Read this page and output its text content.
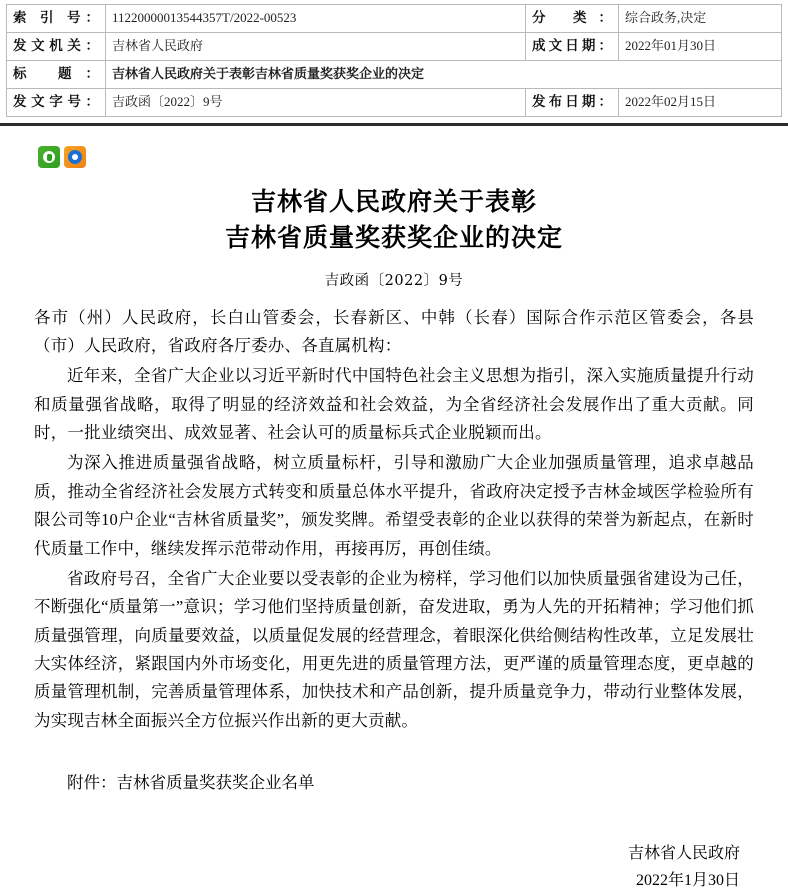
索 引 号：	11220000013544357T/2022-00523	分 类：	综合政务,决定
发文机关：	吉林省人民政府	成文日期：	2022年01月30日
标 题：	吉林省人民政府关于表彰吉林省质量奖获奖企业的决定		
发文字号：	吉政函〔2022〕9号	发布日期：	2022年02月15日
吉林省人民政府关于表彰
吉林省质量奖获奖企业的决定
吉政函〔2022〕9号

各市（州）人民政府，长白山管委会，长春新区、中韩（长春）国际合作示范区管委会，各县（市）人民政府，省政府各厅委办、各直属机构：

近年来，全省广大企业以习近平新时代中国特色社会主义思想为指引，深入实施质量提升行动和质量强省战略，取得了明显的经济效益和社会效益，为全省经济社会发展作出了重大贡献。同时，一批业绩突出、成效显著、社会认可的质量标兵式企业脱颖而出。

为深入推进质量强省战略，树立质量标杆，引导和激励广大企业加强质量管理，追求卓越品质，推动全省经济社会发展方式转变和质量总体水平提升，省政府决定授予吉林金域医学检验所有限公司等10户企业“吉林省质量奖”，颁发奖牌。希望受表彰的企业以获得的荣誉为新起点，在新时代质量工作中，继续发挥示范带动作用，再接再厉，再创佳绩。

省政府号召，全省广大企业要以受表彰的企业为榜样，学习他们以加快质量强省建设为己任，不断强化“质量第一”意识；学习他们坚持质量创新，奋发进取，勇为人先的开拓精神；学习他们抓质量强管理，向质量要效益，以质量促发展的经营理念，着眼深化供给侧结构性改革，立足发展壮大实体经济，紧跟国内外市场变化，用更先进的质量管理方法，更严谨的质量管理态度，更卓越的质量管理机制，完善质量管理体系，加快技术和产品创新，提升质量竞争力，带动行业整体发展，为实现吉林全面振兴全方位振兴作出新的更大贡献。

附件：吉林省质量奖获奖企业名单

吉林省人民政府
2022年1月30日
